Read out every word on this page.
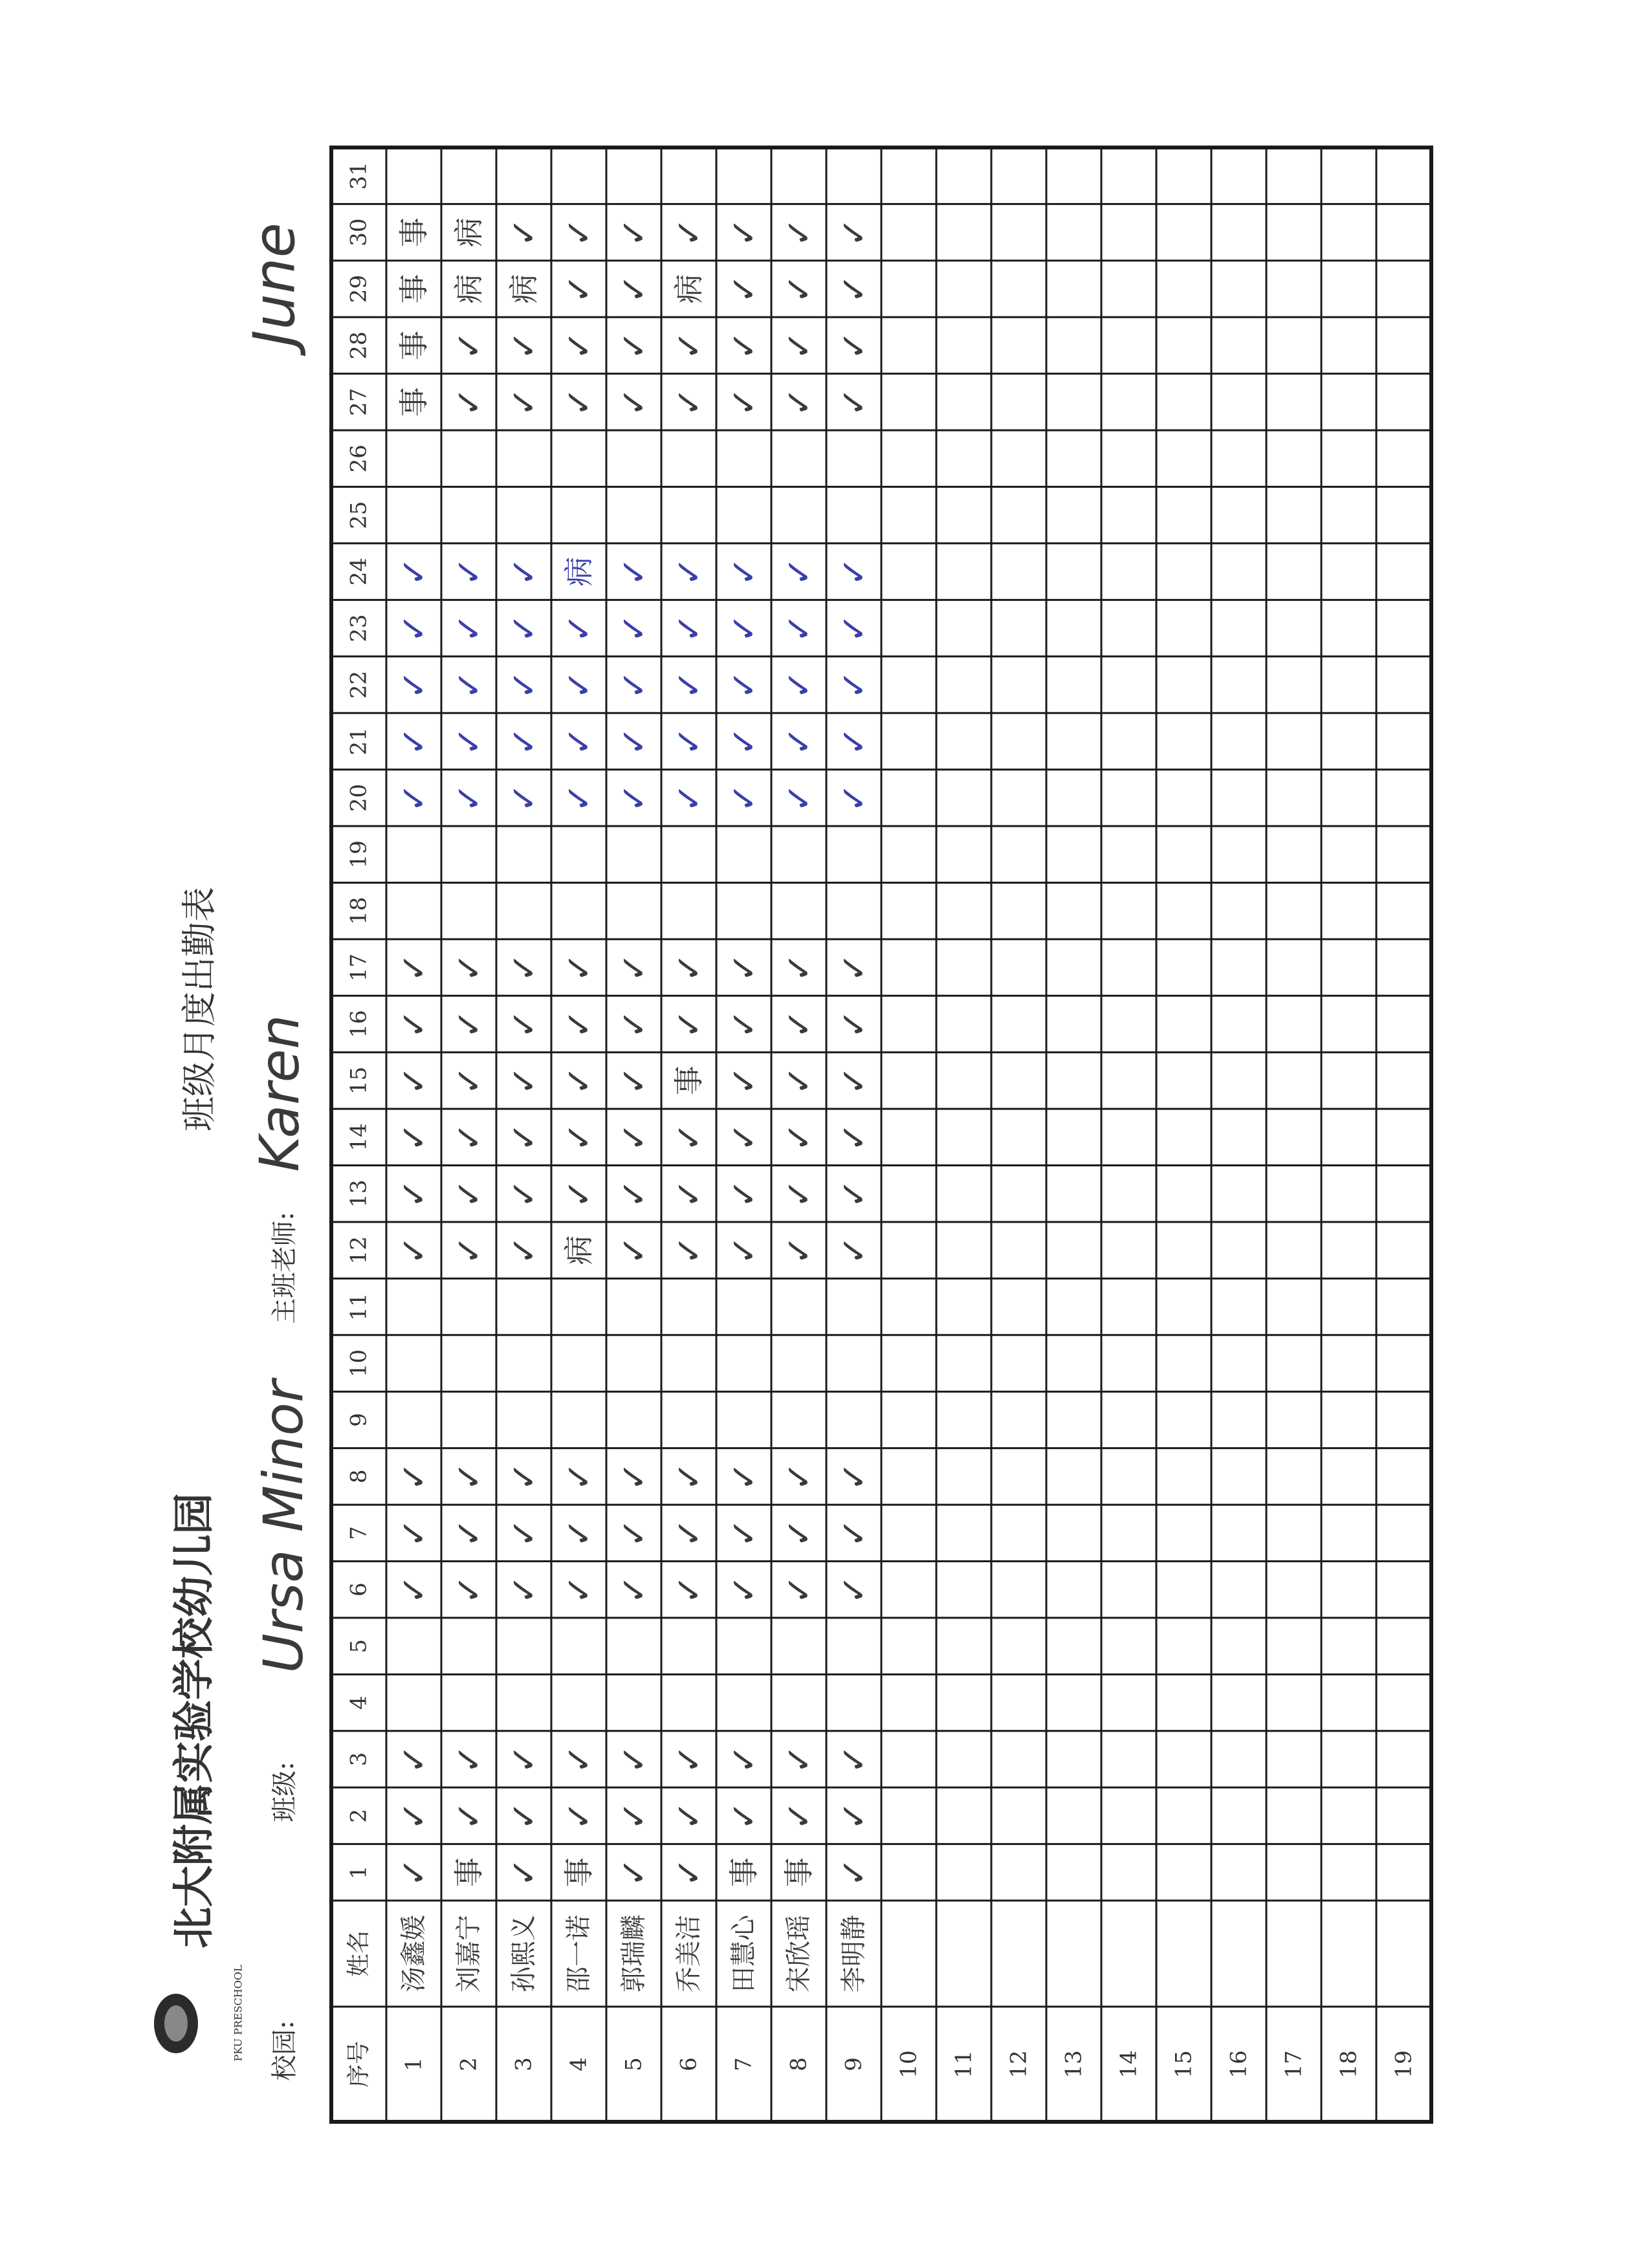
PKU PRESCHOOL
北大附属实验学校幼儿园
班级月度出勤表
校园:
班级:
Ursa Minor
主班老师:
Karen
June
1
2
3
4
5
6
7
8
9
10
11
12
13
14
15
16
17
18
19
20
21
22
23
24
25
26
27
28
29
30
31
姓名
序号 1
汤鑫媛
✓
✓
✓
✓
✓
✓
✓
✓
✓
✓
✓
✓
✓
✓
✓
✓
✓
事
事
事
事
2
刘嘉宁
事
✓
✓
✓
✓
✓
✓
✓
✓
✓
✓
✓
✓
✓
✓
✓
✓
✓
✓
病
病
3
孙熙义
✓
✓
✓
✓
✓
✓
✓
✓
✓
✓
✓
✓
✓
✓
✓
✓
✓
✓
✓
病
✓
4
邵一诺
事
✓
✓
✓
✓
✓
病
✓
✓
✓
✓
✓
✓
✓
✓
✓
病
✓
✓
✓
✓
5
郭瑞麟
✓
✓
✓
✓
✓
✓
✓
✓
✓
✓
✓
✓
✓
✓
✓
✓
✓
✓
✓
✓
✓
6
乔美洁
✓
✓
✓
✓
✓
✓
✓
✓
✓
事
✓
✓
✓
✓
✓
✓
✓
✓
✓
病
✓
7
田慧心
事
✓
✓
✓
✓
✓
✓
✓
✓
✓
✓
✓
✓
✓
✓
✓
✓
✓
✓
✓
✓
8
宋欣瑶
事
✓
✓
✓
✓
✓
✓
✓
✓
✓
✓
✓
✓
✓
✓
✓
✓
✓
✓
✓
✓
9
李明静
✓
✓
✓
✓
✓
✓
✓
✓
✓
✓
✓
✓
✓
✓
✓
✓
✓
✓
✓
✓
✓
10 11 12 13 14 15 16 17 18 19
